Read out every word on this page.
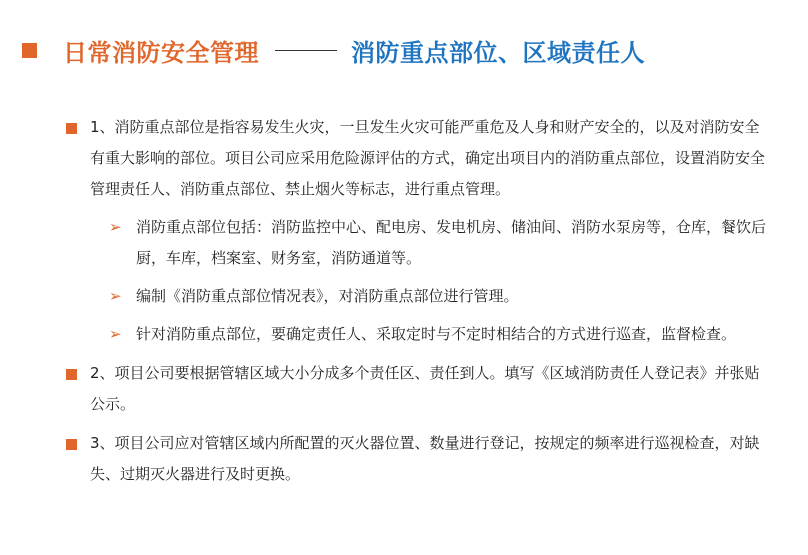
日常消防安全管理	消防重点部位、区域责任人

1、消防重点部位是指容易发生火灾，一旦发生火灾可能严重危及人身和财产安全的，以及对消防安全有重大影响的部位。项目公司应采用危险源评估的方式，确定出项目内的消防重点部位，设置消防安全管理责任人、消防重点部位、禁止烟火等标志，进行重点管理。

➢ 消防重点部位包括：消防监控中心、配电房、发电机房、储油间、消防水泵房等，仓库，餐饮后厨，车库，档案室、财务室，消防通道等。

➢ 编制《消防重点部位情况表》，对消防重点部位进行管理。

➢ 针对消防重点部位，要确定责任人、采取定时与不定时相结合的方式进行巡查，监督检查。

2、项目公司要根据管辖区域大小分成多个责任区、责任到人。填写《区域消防责任人登记表》并张贴公示。

3、项目公司应对管辖区域内所配置的灭火器位置、数量进行登记，按规定的频率进行巡视检查，对缺失、过期灭火器进行及时更换。
